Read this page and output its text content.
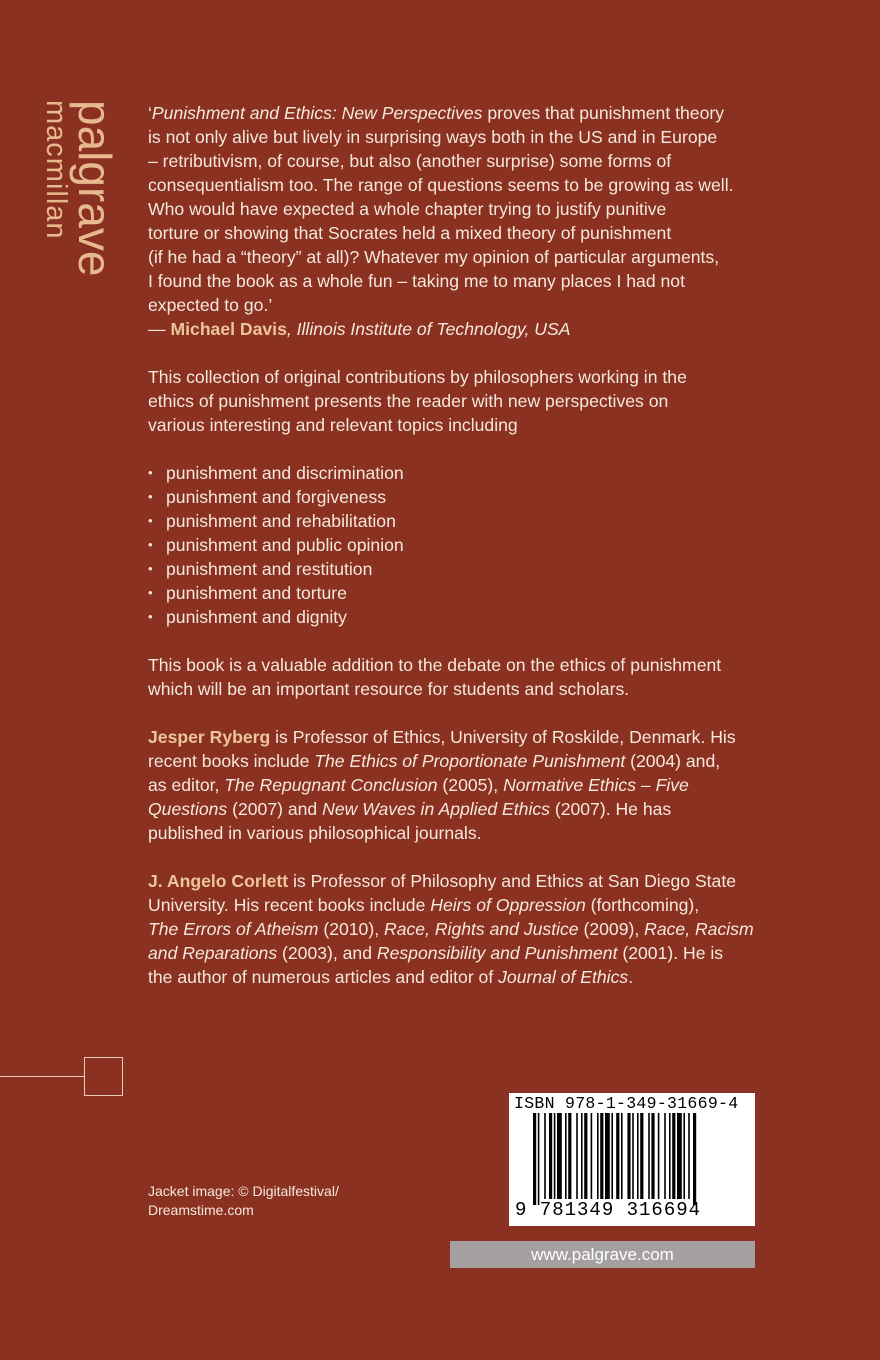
palgrave
macmillan	‘Punishment and Ethics: New Perspectives proves that punishment theory
is not only alive but lively in surprising ways both in the US and in Europe
– retributivism, of course, but also (another surprise) some forms of
consequentialism too. The range of questions seems to be growing as well.
Who would have expected a whole chapter trying to justify punitive
torture or showing that Socrates held a mixed theory of punishment
(if he had a “theory” at all)? Whatever my opinion of particular arguments,
I found the book as a whole fun – taking me to many places I had not
expected to go.’

— Michael Davis, Illinois Institute of Technology, USA

This collection of original contributions by philosophers working in the
ethics of punishment presents the reader with new perspectives on
various interesting and relevant topics including

• punishment and discrimination
• punishment and forgiveness
• punishment and rehabilitation
• punishment and public opinion
• punishment and restitution
• punishment and torture
• punishment and dignity

This book is a valuable addition to the debate on the ethics of punishment
which will be an important resource for students and scholars.

Jesper Ryberg is Professor of Ethics, University of Roskilde, Denmark. His
recent books include The Ethics of Proportionate Punishment (2004) and,
as editor, The Repugnant Conclusion (2005), Normative Ethics – Five
Questions (2007) and New Waves in Applied Ethics (2007). He has
published in various philosophical journals.

J. Angelo Corlett is Professor of Philosophy and Ethics at San Diego State
University. His recent books include Heirs of Oppression (forthcoming),
The Errors of Atheism (2010), Race, Rights and Justice (2009), Race, Racism
and Reparations (2003), and Responsibility and Punishment (2001). He is
the author of numerous articles and editor of Journal of Ethics.

Jacket image: © Digitalfestival/
Dreamstime.com
ISBN 978-1-349-31669-4
9 781349 316694
www.palgrave.com
